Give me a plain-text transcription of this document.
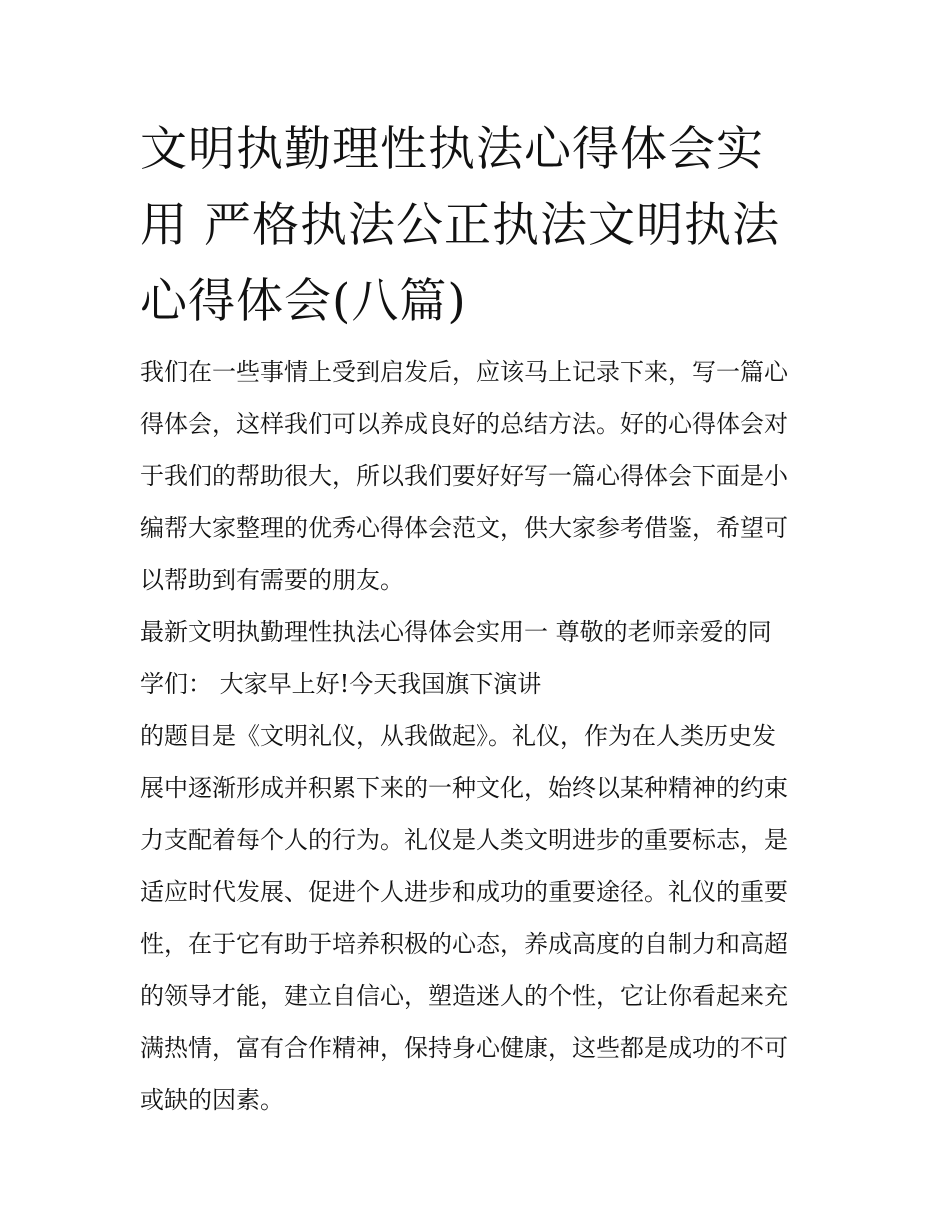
文明执勤理性执法心得体会实
用 严格执法公正执法文明执法
心得体会(八篇)
我们在一些事情上受到启发后，应该马上记录下来，写一篇心
得体会，这样我们可以养成良好的总结方法。好的心得体会对
于我们的帮助很大，所以我们要好好写一篇心得体会下面是小
编帮大家整理的优秀心得体会范文，供大家参考借鉴，希望可
以帮助到有需要的朋友。
最新文明执勤理性执法心得体会实用一 尊敬的老师亲爱的同
学们： 大家早上好!今天我国旗下演讲
的题目是《文明礼仪，从我做起》。礼仪，作为在人类历史发
展中逐渐形成并积累下来的一种文化，始终以某种精神的约束
力支配着每个人的行为。礼仪是人类文明进步的重要标志，是
适应时代发展、促进个人进步和成功的重要途径。礼仪的重要
性，在于它有助于培养积极的心态，养成高度的自制力和高超
的领导才能，建立自信心，塑造迷人的个性，它让你看起来充
满热情，富有合作精神，保持身心健康，这些都是成功的不可
或缺的因素。
